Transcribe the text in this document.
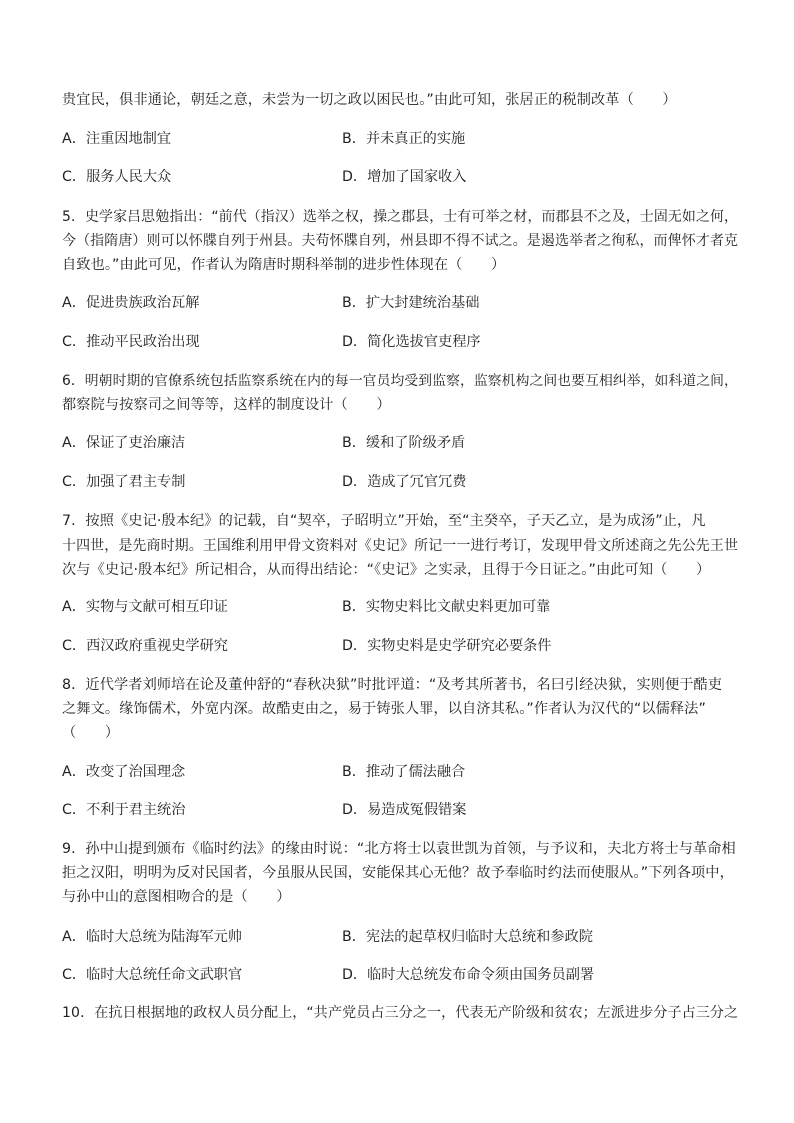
贵宜民，俱非通论，朝廷之意，未尝为一切之政以困民也。”由此可知，张居正的税制改革（　　）
A．注重因地制宜	B．并未真正的实施
C．服务人民大众	D．增加了国家收入
5．史学家吕思勉指出：“前代（指汉）选举之权，操之郡县，士有可举之材，而郡县不之及，士固无如之何，
今（指隋唐）则可以怀牒自列于州县。夫苟怀牒自列，州县即不得不试之。是遏选举者之徇私，而俾怀才者克
自致也。”由此可见，作者认为隋唐时期科举制的进步性体现在（　　）
A．促进贵族政治瓦解	B．扩大封建统治基础
C．推动平民政治出现	D．简化选拔官吏程序
6．明朝时期的官僚系统包括监察系统在内的每一官员均受到监察，监察机构之间也要互相纠举，如科道之间，
都察院与按察司之间等等，这样的制度设计（　　）
A．保证了吏治廉洁	B．缓和了阶级矛盾
C．加强了君主专制	D．造成了冗官冗费
7．按照《史记·殷本纪》的记载，自“契卒，子昭明立”开始，至“主癸卒，子天乙立，是为成汤”止，凡
十四世，是先商时期。王国维利用甲骨文资料对《史记》所记一一进行考订，发现甲骨文所述商之先公先王世
次与《史记·殷本纪》所记相合，从而得出结论：“《史记》之实录，且得于今日证之。”由此可知（　　）
A．实物与文献可相互印证	B．实物史料比文献史料更加可靠
C．西汉政府重视史学研究	D．实物史料是史学研究必要条件
8．近代学者刘师培在论及董仲舒的“春秋决狱”时批评道：“及考其所著书，名曰引经决狱，实则便于酷吏
之舞文。缘饰儒术，外宽内深。故酷吏由之，易于铸张人罪，以自济其私。”作者认为汉代的“以儒释法”
（　　）
A．改变了治国理念	B．推动了儒法融合
C．不利于君主统治	D．易造成冤假错案
9．孙中山提到颁布《临时约法》的缘由时说：“北方将士以袁世凯为首领，与予议和，夫北方将士与革命相
拒之汉阳，明明为反对民国者，今虽服从民国，安能保其心无他？故予奉临时约法而使服从。”下列各项中，
与孙中山的意图相吻合的是（　　）
A．临时大总统为陆海军元帅	B．宪法的起草权归临时大总统和参政院
C．临时大总统任命文武职官	D．临时大总统发布命令须由国务员副署
10．在抗日根据地的政权人员分配上，“共产党员占三分之一，代表无产阶级和贫农；左派进步分子占三分之
